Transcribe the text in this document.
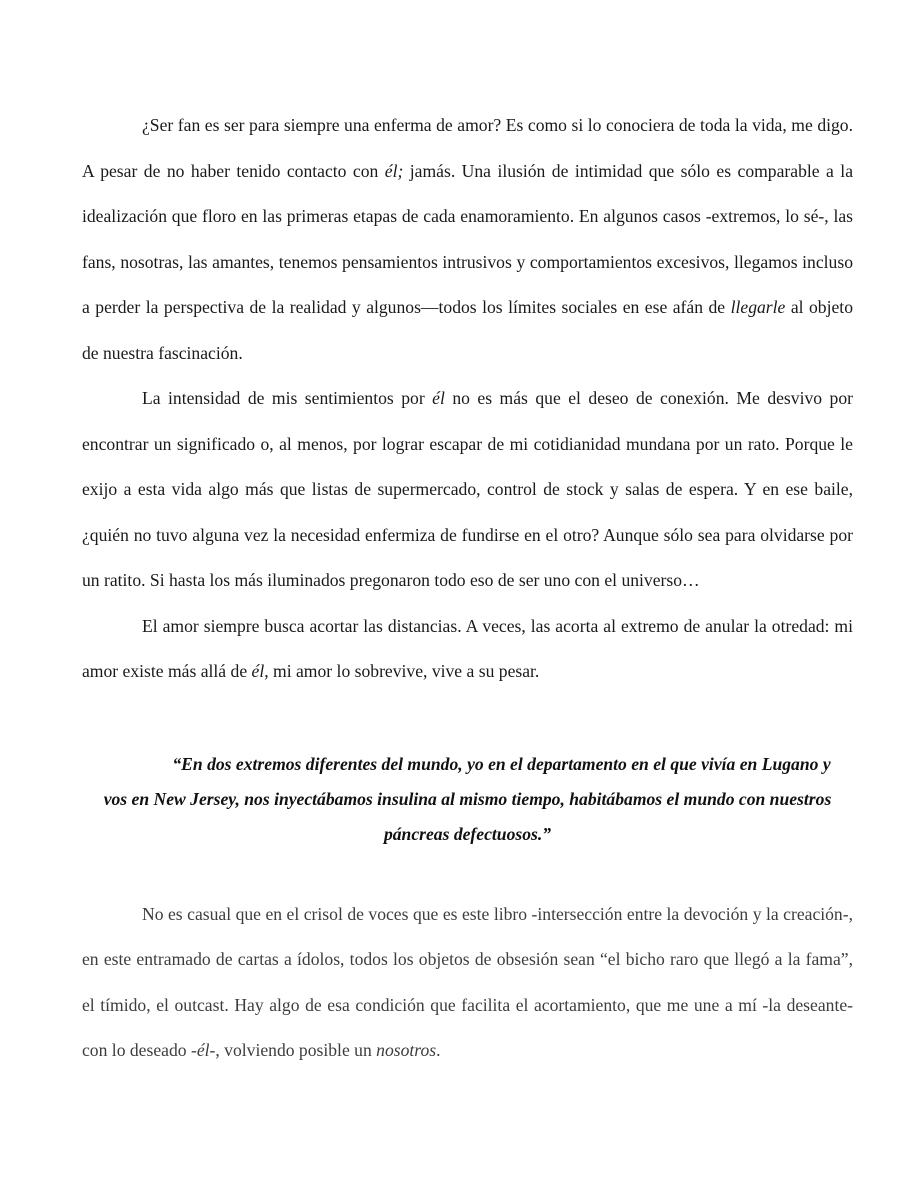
¿Ser fan es ser para siempre una enferma de amor? Es como si lo conociera de toda la vida, me digo. A pesar de no haber tenido contacto con él; jamás. Una ilusión de intimidad que sólo es comparable a la idealización que floro en las primeras etapas de cada enamoramiento. En algunos casos -extremos, lo sé-, las fans, nosotras, las amantes, tenemos pensamientos intrusivos y comportamientos excesivos, llegamos incluso a perder la perspectiva de la realidad y algunos—todos los límites sociales en ese afán de llegarle al objeto de nuestra fascinación.

La intensidad de mis sentimientos por él no es más que el deseo de conexión. Me desvivo por encontrar un significado o, al menos, por lograr escapar de mi cotidianidad mundana por un rato. Porque le exijo a esta vida algo más que listas de supermercado, control de stock y salas de espera. Y en ese baile, ¿quién no tuvo alguna vez la necesidad enfermiza de fundirse en el otro? Aunque sólo sea para olvidarse por un ratito. Si hasta los más iluminados pregonaron todo eso de ser uno con el universo…

El amor siempre busca acortar las distancias. A veces, las acorta al extremo de anular la otredad: mi amor existe más allá de él, mi amor lo sobrevive, vive a su pesar.

“En dos extremos diferentes del mundo, yo en el departamento en el que vivía en Lugano y vos en New Jersey, nos inyectábamos insulina al mismo tiempo, habitábamos el mundo con nuestros páncreas defectuosos.”

No es casual que en el crisol de voces que es este libro -intersección entre la devoción y la creación-, en este entramado de cartas a ídolos, todos los objetos de obsesión sean “el bicho raro que llegó a la fama”, el tímido, el outcast. Hay algo de esa condición que facilita el acortamiento, que me une a mí -la deseante- con lo deseado -él-, volviendo posible un nosotros.
